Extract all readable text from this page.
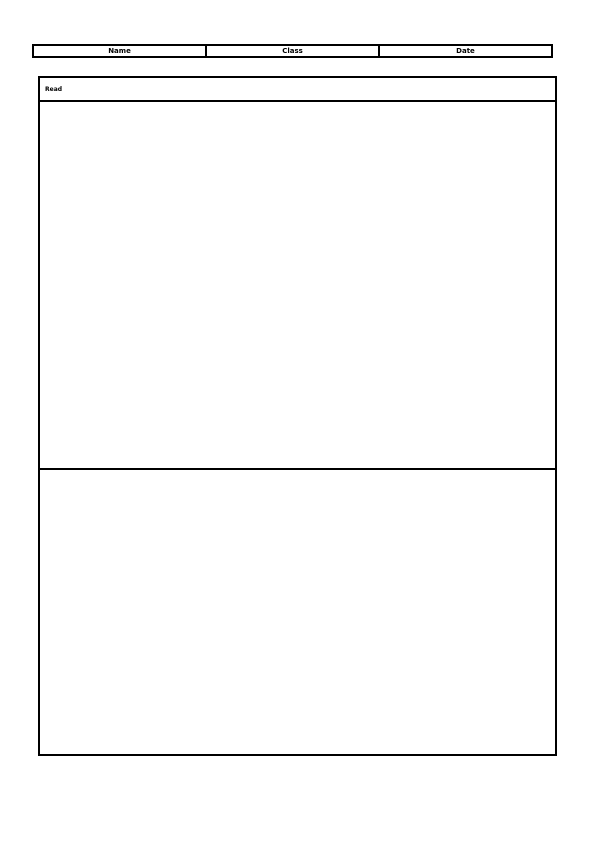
Name	Class	Date
Read
